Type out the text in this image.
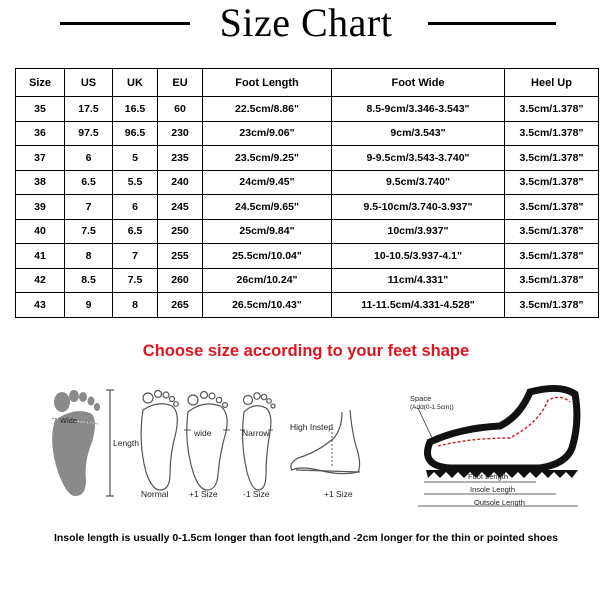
Size Chart
Size	US	UK	EU	Foot Length	Foot Wide	Heel Up
35	17.5	16.5	60	22.5cm/8.86"	8.5-9cm/3.346-3.543"	3.5cm/1.378"
36	97.5	96.5	230	23cm/9.06"	9cm/3.543"	3.5cm/1.378"
37	6	5	235	23.5cm/9.25"	9-9.5cm/3.543-3.740"	3.5cm/1.378"
38	6.5	5.5	240	24cm/9.45"	9.5cm/3.740"	3.5cm/1.378"
39	7	6	245	24.5cm/9.65"	9.5-10cm/3.740-3.937"	3.5cm/1.378"
40	7.5	6.5	250	25cm/9.84"	10cm/3.937"	3.5cm/1.378"
41	8	7	255	25.5cm/10.04"	10-10.5/3.937-4.1"	3.5cm/1.378"
42	8.5	7.5	260	26cm/10.24"	11cm/4.331"	3.5cm/1.378"
43	9	8	265	26.5cm/10.43"	11-11.5cm/4.331-4.528"	3.5cm/1.378"
Choose size according to your feet shape
Wide
Length
wide	Narrow
High Instep
Normal +1 Size	-1 Size	+1 Size
Space
(Add(0-1.5cm))
Foot Length
Insole Length
Outsole Length
Insole length is usually 0-1.5cm longer than foot length,and -2cm longer for the thin or pointed shoes
